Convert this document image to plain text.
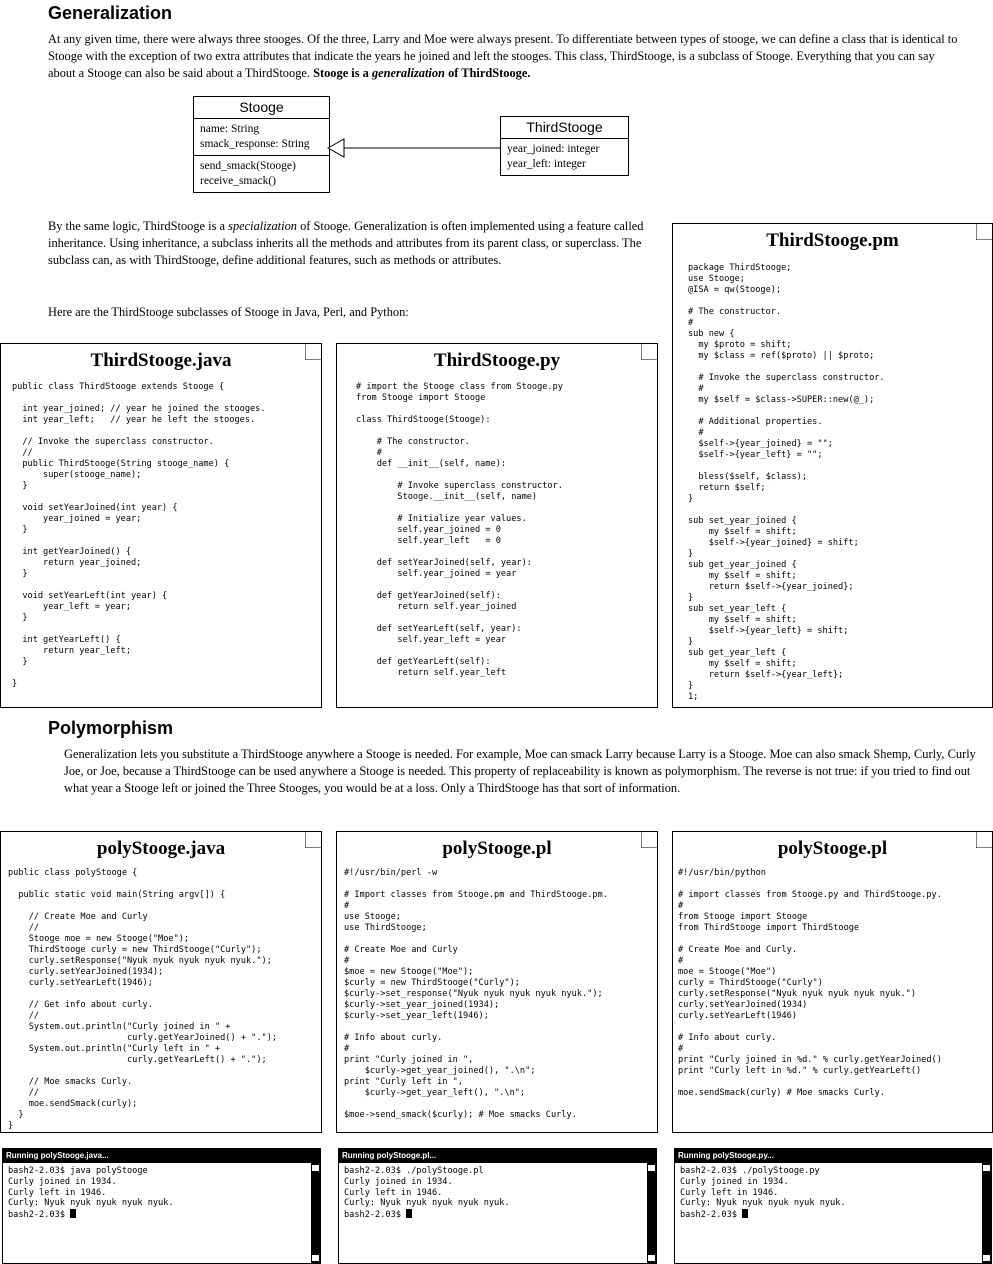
Generalization

At any given time, there were always three stooges. Of the three, Larry and Moe were always present. To differentiate between types of stooge, we can define a class that is identical to Stooge with the exception of two extra attributes that indicate the years he joined and left the stooges. This class, ThirdStooge, is a subclass of Stooge. Everything that you can say about a Stooge can also be said about a ThirdStooge. Stooge is a generalization of ThirdStooge.

Stooge
name: String
smack_response: String
send_smack(Stooge)
receive_smack()
ThirdStooge
year_joined: integer
year_left: integer

By the same logic, ThirdStooge is a specialization of Stooge. Generalization is often implemented using a feature called inheritance. Using inheritance, a subclass inherits all the methods and attributes from its parent class, or superclass. The subclass can, as with ThirdStooge, define additional features, such as methods or attributes.

Here are the ThirdStooge subclasses of Stooge in Java, Perl, and Python:

ThirdStooge.pm
package ThirdStooge;
use Stooge;
@ISA = qw(Stooge);

# The constructor.
#
sub new {
my $proto = shift;
my $class = ref($proto) || $proto;

# Invoke the superclass constructor.
#
my $self = $class->SUPER::new(@_);

# Additional properties.
#
$self->{year_joined} = "";
$self->{year_left} = "";

bless($self, $class);
return $self;
}

sub set_year_joined {
my $self = shift;
$self->{year_joined} = shift;
}
sub get_year_joined {
my $self = shift;
return $self->{year_joined};
}
sub set_year_left {
my $self = shift;
$self->{year_left} = shift;
}
sub get_year_left {
my $self = shift;
return $self->{year_left};
}
1;
ThirdStooge.java
public class ThirdStooge extends Stooge {

int year_joined; // year he joined the stooges.
int year_left;   // year he left the stooges.

// Invoke the superclass constructor.
//
public ThirdStooge(String stooge_name) {
super(stooge_name);
}

void setYearJoined(int year) {
year_joined = year;
}

int getYearJoined() {
return year_joined;
}

void setYearLeft(int year) {
year_left = year;
}

int getYearLeft() {
return year_left;
}

}
ThirdStooge.py
# import the Stooge class from Stooge.py
from Stooge import Stooge

class ThirdStooge(Stooge):

# The constructor.
#
def __init__(self, name):

# Invoke superclass constructor.
Stooge.__init__(self, name)

# Initialize year values.
self.year_joined = 0
self.year_left   = 0

def setYearJoined(self, year):
self.year_joined = year

def getYearJoined(self):
return self.year_joined

def setYearLeft(self, year):
self.year_left = year

def getYearLeft(self):
return self.year_left
Polymorphism

Generalization lets you substitute a ThirdStooge anywhere a Stooge is needed. For example, Moe can smack Larry because Larry is a Stooge. Moe can also smack Shemp, Curly, Curly Joe, or Joe, because a ThirdStooge can be used anywhere a Stooge is needed. This property of replaceability is known as polymorphism. The reverse is not true: if you tried to find out what year a Stooge left or joined the Three Stooges, you would be at a loss. Only a ThirdStooge has that sort of information.

polyStooge.java
public class polyStooge {

public static void main(String argv[]) {

// Create Moe and Curly
//
Stooge moe = new Stooge("Moe");
ThirdStooge curly = new ThirdStooge("Curly");
curly.setResponse("Nyuk nyuk nyuk nyuk nyuk.");
curly.setYearJoined(1934);
curly.setYearLeft(1946);

// Get info about curly.
//
System.out.println("Curly joined in " +
curly.getYearJoined() + ".");
System.out.println("Curly left in " +
curly.getYearLeft() + ".");

// Moe smacks Curly.
//
moe.sendSmack(curly);
}
}
polyStooge.pl
#!/usr/bin/perl -w

# Import classes from Stooge.pm and ThirdStooge.pm.
#
use Stooge;
use ThirdStooge;

# Create Moe and Curly
#
$moe = new Stooge("Moe");
$curly = new ThirdStooge("Curly");
$curly->set_response("Nyuk nyuk nyuk nyuk nyuk.");
$curly->set_year_joined(1934);
$curly->set_year_left(1946);

# Info about curly.
#
print "Curly joined in ",
$curly->get_year_joined(), ".\n";
print "Curly left in ",
$curly->get_year_left(), ".\n";

$moe->send_smack($curly); # Moe smacks Curly.
polyStooge.pl
#!/usr/bin/python

# import classes from Stooge.py and ThirdStooge.py.
#
from Stooge import Stooge
from ThirdStooge import ThirdStooge

# Create Moe and Curly.
#
moe = Stooge("Moe")
curly = ThirdStooge("Curly")
curly.setResponse("Nyuk nyuk nyuk nyuk nyuk.")
curly.setYearJoined(1934)
curly.setYearLeft(1946)

# Info about curly.
#
print "Curly joined in %d." % curly.getYearJoined()
print "Curly left in %d." % curly.getYearLeft()

moe.sendSmack(curly) # Moe smacks Curly.
Running polyStooge.java...
bash2-2.03$ java polyStooge
Curly joined in 1934.
Curly left in 1946.
Curly: Nyuk nyuk nyuk nyuk nyuk.
bash2-2.03$
Running polyStooge.pl...
bash2-2.03$ ./polyStooge.pl
Curly joined in 1934.
Curly left in 1946.
Curly: Nyuk nyuk nyuk nyuk nyuk.
bash2-2.03$
Running polyStooge.py...
bash2-2.03$ ./polyStooge.py
Curly joined in 1934.
Curly left in 1946.
Curly: Nyuk nyuk nyuk nyuk nyuk.
bash2-2.03$
